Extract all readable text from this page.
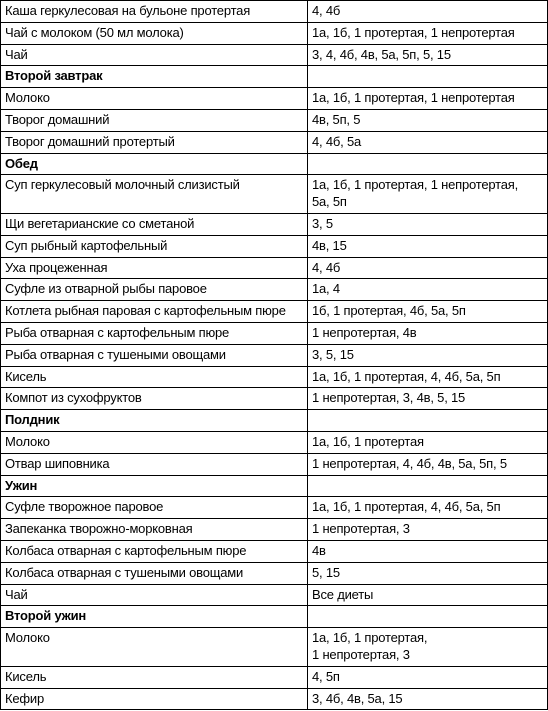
Каша геркулесовая на бульоне протертая	4, 4б
Чай с молоком (50 мл молока)	1а, 1б, 1 протертая, 1 непротертая
Чай	3, 4, 4б, 4в, 5а, 5п, 5, 15
Второй завтрак	
Молоко	1а, 1б, 1 протертая, 1 непротертая
Творог домашний	4в, 5п, 5
Творог домашний протертый	4, 4б, 5а
Обед	
Суп геркулесовый молочный слизистый	1а, 1б, 1 протертая, 1 непротертая,
5а, 5п

Щи вегетарианские со сметаной	3, 5
Суп рыбный картофельный	4в, 15
Уха процеженная	4, 4б
Суфле из отварной рыбы паровое	1а, 4
Котлета рыбная паровая с картофельным пюре	1б, 1 протертая, 4б, 5а, 5п
Рыба отварная с картофельным пюре	1 непротертая, 4в
Рыба отварная с тушеными овощами	3, 5, 15
Кисель	1а, 1б, 1 протертая, 4, 4б, 5а, 5п
Компот из сухофруктов	1 непротертая, 3, 4в, 5, 15
Полдник	
Молоко	1а, 1б, 1 протертая
Отвар шиповника	1 непротертая, 4, 4б, 4в, 5а, 5п, 5
Ужин	
Суфле творожное паровое	1а, 1б, 1 протертая, 4, 4б, 5а, 5п
Запеканка творожно-морковная	1 непротертая, 3
Колбаса отварная с картофельным пюре	4в
Колбаса отварная с тушеными овощами	5, 15
Чай	Все диеты
Второй ужин	
Молоко	1а, 1б, 1 протертая,
1 непротертая, 3

Кисель	4, 5п
Кефир	3, 4б, 4в, 5а, 15
